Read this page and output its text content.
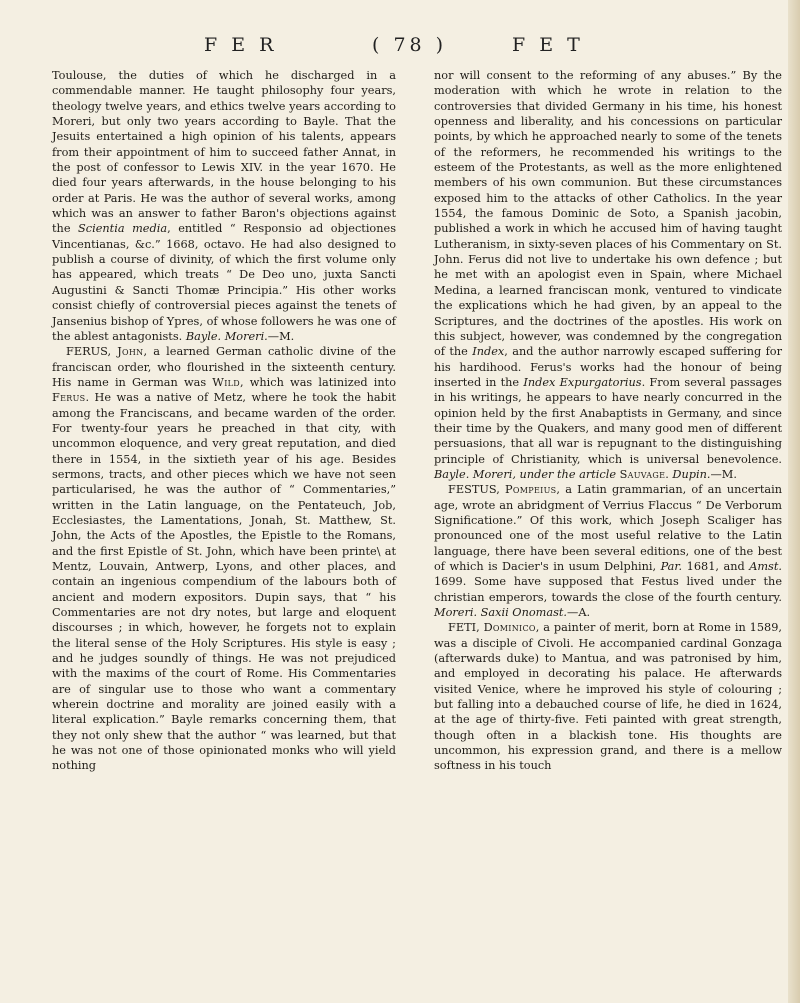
F E R	( 78 )	F E T

Toulouse, the duties of which he discharged in a commendable manner. He taught philosophy four years, theology twelve years, and ethics twelve years according to Moreri, but only two years according to Bayle. That the Jesuits entertained a high opinion of his talents, appears from their appointment of him to succeed father Annat, in the post of confessor to Lewis XIV. in the year 1670. He died four years afterwards, in the house belonging to his order at Paris. He was the author of several works, among which was an answer to father Baron's objections against the Scientia media, entitled “ Responsio ad objectiones Vincentianas, &c.” 1668, octavo. He had also designed to publish a course of divinity, of which the first volume only has appeared, which treats “ De Deo uno, juxta Sancti Augustini & Sancti Thomæ Principia.” His other works consist chiefly of controversial pieces against the tenets of Jansenius bishop of Ypres, of whose followers he was one of the ablest antagonists. Bayle. Moreri.—M.

FERUS, John, a learned German catholic divine of the franciscan order, who flourished in the sixteenth century. His name in German was Wild, which was latinized into Ferus. He was a native of Metz, where he took the habit among the Franciscans, and became warden of the order. For twenty-four years he preached in that city, with uncommon eloquence, and very great reputation, and died there in 1554, in the sixtieth year of his age. Besides sermons, tracts, and other pieces which we have not seen particularised, he was the author of “ Commentaries,” written in the Latin language, on the Pentateuch, Job, Ecclesiastes, the Lamentations, Jonah, St. Matthew, St. John, the Acts of the Apostles, the Epistle to the Romans, and the first Epistle of St. John, which have been printe\ at Mentz, Louvain, Antwerp, Lyons, and other places, and contain an ingenious compendium of the labours both of ancient and modern expositors. Dupin says, that “ his Commentaries are not dry notes, but large and eloquent discourses ; in which, however, he forgets not to explain the literal sense of the Holy Scriptures. His style is easy ; and he judges soundly of things. He was not prejudiced with the maxims of the court of Rome. His Commentaries are of singular use to those who want a commentary wherein doctrine and morality are joined easily with a literal explication.” Bayle remarks concerning them, that they not only shew that the author “ was learned, but that he was not one of those opinionated monks who will yield nothing

nor will consent to the reforming of any abuses.” By the moderation with which he wrote in relation to the controversies that divided Germany in his time, his honest openness and liberality, and his concessions on particular points, by which he approached nearly to some of the tenets of the reformers, he recommended his writings to the esteem of the Protestants, as well as the more enlightened members of his own communion. But these circumstances exposed him to the attacks of other Catholics. In the year 1554, the famous Dominic de Soto, a Spanish jacobin, published a work in which he accused him of having taught Lutheranism, in sixty-seven places of his Commentary on St. John. Ferus did not live to undertake his own defence ; but he met with an apologist even in Spain, where Michael Medina, a learned franciscan monk, ventured to vindicate the explications which he had given, by an appeal to the Scriptures, and the doctrines of the apostles. His work on this subject, however, was condemned by the congregation of the Index, and the author narrowly escaped suffering for his hardihood. Ferus's works had the honour of being inserted in the Index Expurgatorius. From several passages in his writings, he appears to have nearly concurred in the opinion held by the first Anabaptists in Germany, and since their time by the Quakers, and many good men of different persuasions, that all war is repugnant to the distinguishing principle of Christianity, which is universal benevolence. Bayle. Moreri, under the article Sauvage. Dupin.—M.

FESTUS, Pompeius, a Latin grammarian, of an uncertain age, wrote an abridgment of Verrius Flaccus “ De Verborum Significatione.” Of this work, which Joseph Scaliger has pronounced one of the most useful relative to the Latin language, there have been several editions, one of the best of which is Dacier's in usum Delphini, Par. 1681, and Amst. 1699. Some have supposed that Festus lived under the christian emperors, towards the close of the fourth century. Moreri. Saxii Onomast.—A.

FETI, Dominico, a painter of merit, born at Rome in 1589, was a disciple of Civoli. He accompanied cardinal Gonzaga (afterwards duke) to Mantua, and was patronised by him, and employed in decorating his palace. He afterwards visited Venice, where he improved his style of colouring ; but falling into a debauched course of life, he died in 1624, at the age of thirty-five. Feti painted with great strength, though often in a blackish tone. His thoughts are uncommon, his expression grand, and there is a mellow softness in his touch
